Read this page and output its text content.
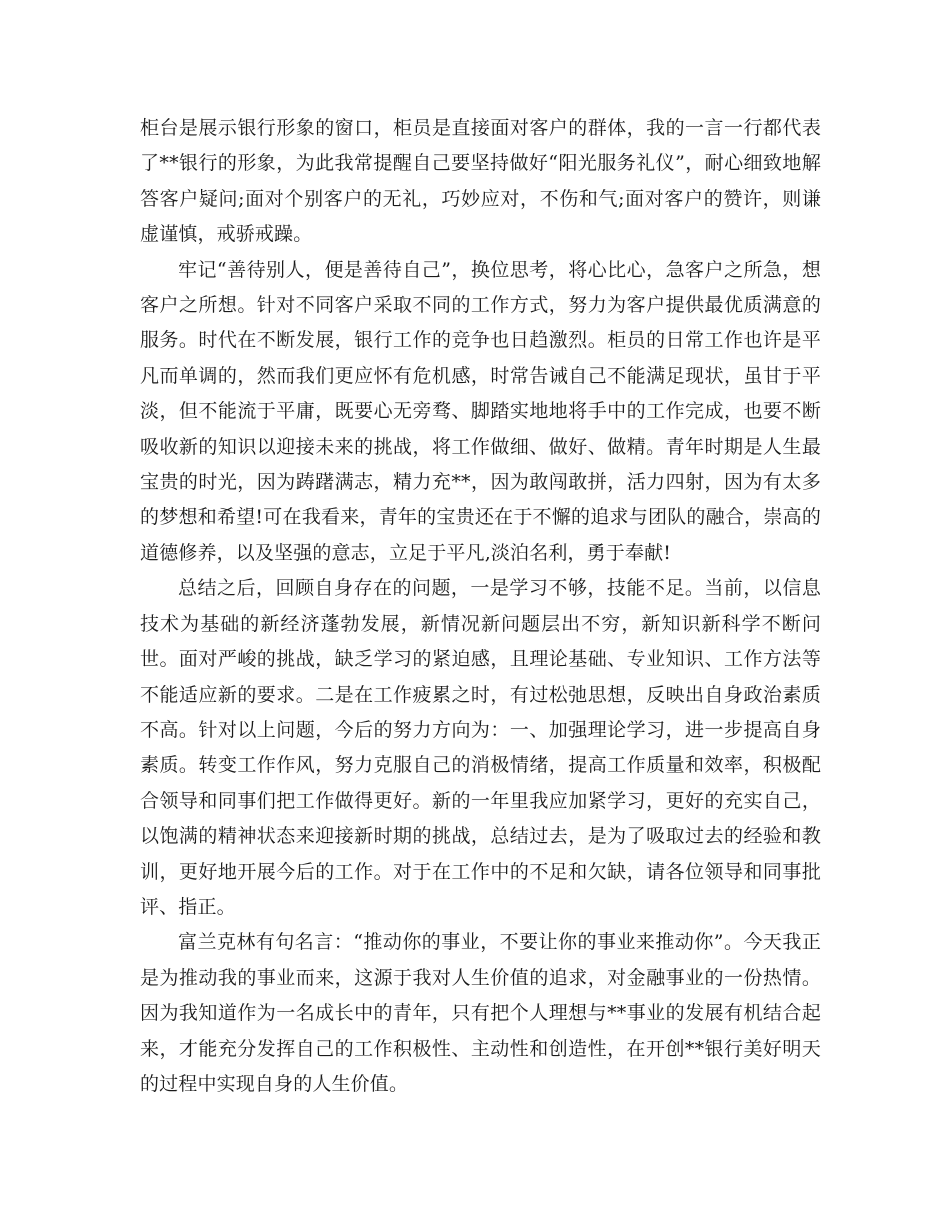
柜台是展示银行形象的窗口，柜员是直接面对客户的群体，我的一言一行都代表了**银行的形象，为此我常提醒自己要坚持做好“阳光服务礼仪”，耐心细致地解答客户疑问;面对个别客户的无礼，巧妙应对，不伤和气;面对客户的赞许，则谦虚谨慎，戒骄戒躁。

牢记“善待别人，便是善待自己”，换位思考，将心比心，急客户之所急，想客户之所想。针对不同客户采取不同的工作方式，努力为客户提供最优质满意的服务。时代在不断发展，银行工作的竞争也日趋激烈。柜员的日常工作也许是平凡而单调的，然而我们更应怀有危机感，时常告诫自己不能满足现状，虽甘于平淡，但不能流于平庸，既要心无旁骛、脚踏实地地将手中的工作完成，也要不断吸收新的知识以迎接未来的挑战，将工作做细、做好、做精。青年时期是人生最宝贵的时光，因为踌躇满志，精力充**，因为敢闯敢拼，活力四射，因为有太多的梦想和希望!可在我看来，青年的宝贵还在于不懈的追求与团队的融合，崇高的道德修养，以及坚强的意志，立足于平凡,淡泊名利，勇于奉献!

总结之后，回顾自身存在的问题，一是学习不够，技能不足。当前，以信息技术为基础的新经济蓬勃发展，新情况新问题层出不穷，新知识新科学不断问世。面对严峻的挑战，缺乏学习的紧迫感，且理论基础、专业知识、工作方法等不能适应新的要求。二是在工作疲累之时，有过松弛思想，反映出自身政治素质不高。针对以上问题，今后的努力方向为：一、加强理论学习，进一步提高自身素质。转变工作作风，努力克服自己的消极情绪，提高工作质量和效率，积极配合领导和同事们把工作做得更好。新的一年里我应加紧学习，更好的充实自己，以饱满的精神状态来迎接新时期的挑战，总结过去，是为了吸取过去的经验和教训，更好地开展今后的工作。对于在工作中的不足和欠缺，请各位领导和同事批评、指正。

富兰克林有句名言：“推动你的事业，不要让你的事业来推动你”。今天我正是为推动我的事业而来，这源于我对人生价值的追求，对金融事业的一份热情。因为我知道作为一名成长中的青年，只有把个人理想与**事业的发展有机结合起来，才能充分发挥自己的工作积极性、主动性和创造性，在开创**银行美好明天的过程中实现自身的人生价值。
